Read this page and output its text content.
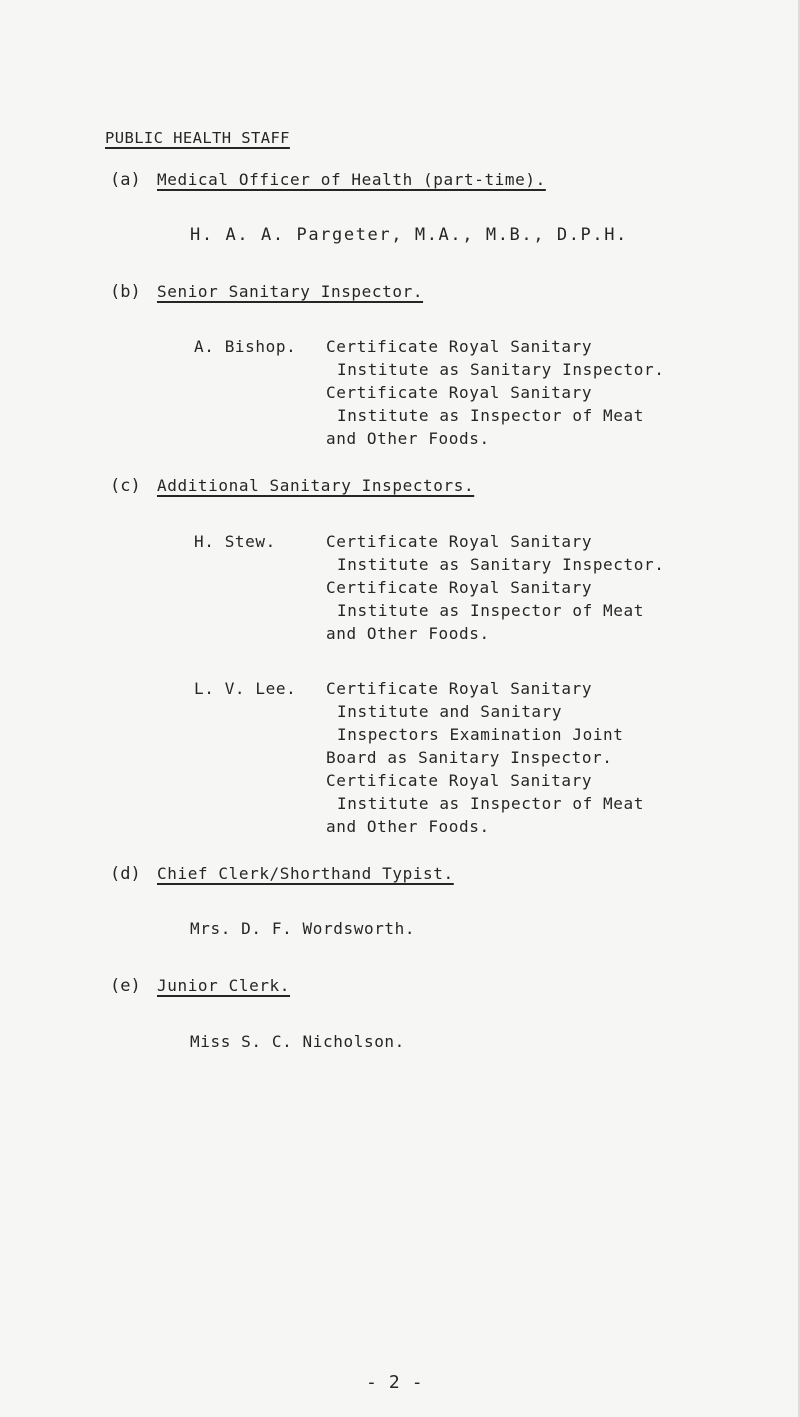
PUBLIC HEALTH STAFF
(a) Medical Officer of Health (part-time).
H. A. A. Pargeter, M.A., M.B., D.P.H.
(b) Senior Sanitary Inspector.
A. Bishop. Certificate Royal Sanitary
Institute as Sanitary Inspector.
Certificate Royal Sanitary
Institute as Inspector of Meat
and Other Foods.
(c) Additional Sanitary Inspectors.
H. Stew.	Certificate Royal Sanitary
Institute as Sanitary Inspector.
Certificate Royal Sanitary
Institute as Inspector of Meat
and Other Foods.
L. V. Lee. Certificate Royal Sanitary
Institute and Sanitary
Inspectors Examination Joint
Board as Sanitary Inspector.
Certificate Royal Sanitary
Institute as Inspector of Meat
and Other Foods.
(d) Chief Clerk/Shorthand Typist.
Mrs. D. F. Wordsworth.
(e) Junior Clerk.
Miss S. C. Nicholson.
- 2 -
